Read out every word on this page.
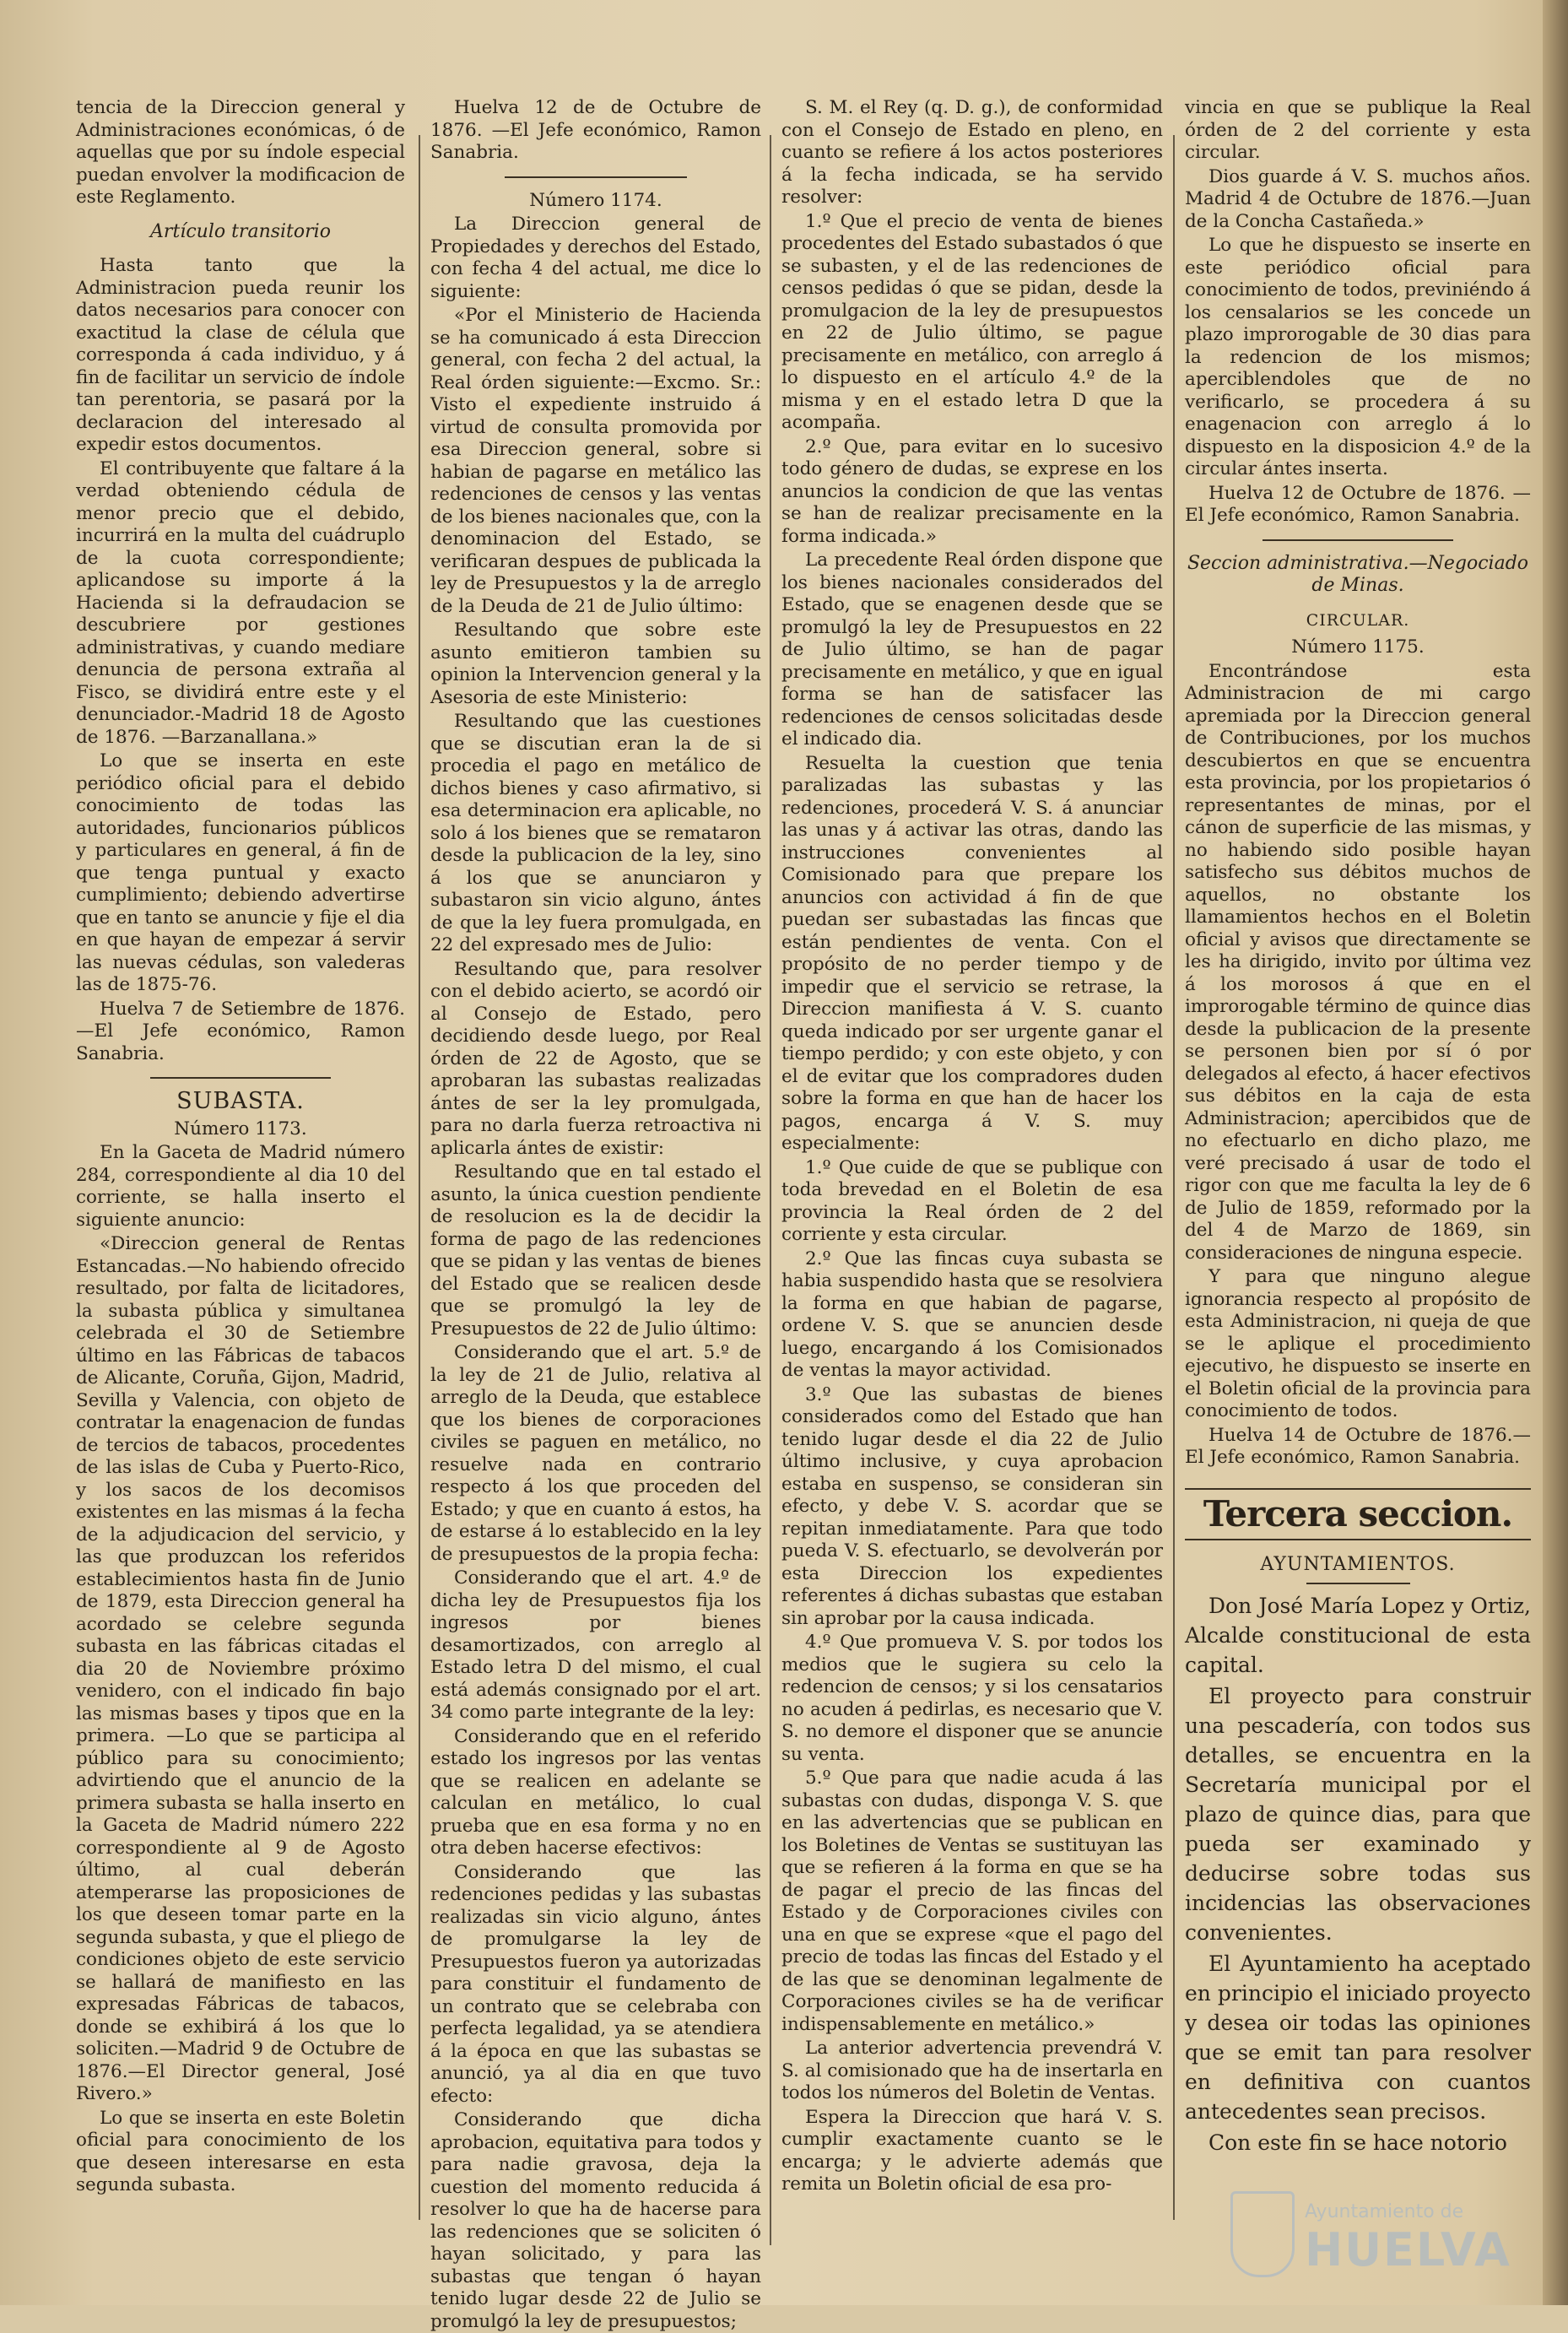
tencia de la Direccion general y Administraciones económicas, ó de aquellas que por su índole especial puedan envolver la modificacion de este Reglamento.

Artículo transitorio

Hasta tanto que la Administracion pueda reunir los datos necesarios para conocer con exactitud la clase de célula que corresponda á cada individuo, y á fin de facilitar un servicio de índole tan perentoria, se pasará por la declaracion del interesado al expedir estos documentos.

El contribuyente que faltare á la verdad obteniendo cédula de menor precio que el debido, incurrirá en la multa del cuádruplo de la cuota correspondiente; aplicandose su importe á la Hacienda si la defraudacion se descubriere por gestiones administrativas, y cuando mediare denuncia de persona extraña al Fisco, se dividirá entre este y el denunciador.-Madrid 18 de Agosto de 1876. —Barzanallana.»

Lo que se inserta en este periódico oficial para el debido conocimiento de todas las autoridades, funcionarios públicos y particulares en general, á fin de que tenga puntual y exacto cumplimiento; debiendo advertirse que en tanto se anuncie y fije el dia en que hayan de empezar á servir las nuevas cédulas, son valederas las de 1875-76.

Huelva 7 de Setiembre de 1876. —El Jefe económico, Ramon Sanabria.

SUBASTA.

Número 1173.

En la Gaceta de Madrid número 284, correspondiente al dia 10 del corriente, se halla inserto el siguiente anuncio:

«Direccion general de Rentas Estancadas.—No habiendo ofrecido resultado, por falta de licitadores, la subasta pública y simultanea celebrada el 30 de Setiembre último en las Fábricas de tabacos de Alicante, Coruña, Gijon, Madrid, Sevilla y Valencia, con objeto de contratar la enagenacion de fundas de tercios de tabacos, procedentes de las islas de Cuba y Puerto-Rico, y los sacos de los decomisos existentes en las mismas á la fecha de la adjudicacion del servicio, y las que produzcan los referidos establecimientos hasta fin de Junio de 1879, esta Direccion general ha acordado se celebre segunda subasta en las fábricas citadas el dia 20 de Noviembre próximo venidero, con el indicado fin bajo las mismas bases y tipos que en la primera. —Lo que se participa al público para su conocimiento; advirtiendo que el anuncio de la primera subasta se halla inserto en la Gaceta de Madrid número 222 correspondiente al 9 de Agosto último, al cual deberán atemperarse las proposiciones de los que deseen tomar parte en la segunda subasta, y que el pliego de condiciones objeto de este servicio se hallará de manifiesto en las expresadas Fábricas de tabacos, donde se exhibirá á los que lo soliciten.—Madrid 9 de Octubre de 1876.—El Director general, José Rivero.»

Lo que se inserta en este Boletin oficial para conocimiento de los que deseen interesarse en esta segunda subasta.

Huelva 12 de de Octubre de 1876. —El Jefe económico, Ramon Sanabria.

Número 1174.

La Direccion general de Propiedades y derechos del Estado, con fecha 4 del actual, me dice lo siguiente:

«Por el Ministerio de Hacienda se ha comunicado á esta Direccion general, con fecha 2 del actual, la Real órden siguiente:—Excmo. Sr.: Visto el expediente instruido á virtud de consulta promovida por esa Direccion general, sobre si habian de pagarse en metálico las redenciones de censos y las ventas de los bienes nacionales que, con la denominacion del Estado, se verificaran despues de publicada la ley de Presupuestos y la de arreglo de la Deuda de 21 de Julio último:

Resultando que sobre este asunto emitieron tambien su opinion la Intervencion general y la Asesoria de este Ministerio:

Resultando que las cuestiones que se discutian eran la de si procedia el pago en metálico de dichos bienes y caso afirmativo, si esa determinacion era aplicable, no solo á los bienes que se remataron desde la publicacion de la ley, sino á los que se anunciaron y subastaron sin vicio alguno, ántes de que la ley fuera promulgada, en 22 del expresado mes de Julio:

Resultando que, para resolver con el debido acierto, se acordó oir al Consejo de Estado, pero decidiendo desde luego, por Real órden de 22 de Agosto, que se aprobaran las subastas realizadas ántes de ser la ley promulgada, para no darla fuerza retroactiva ni aplicarla ántes de existir:

Resultando que en tal estado el asunto, la única cuestion pendiente de resolucion es la de decidir la forma de pago de las redenciones que se pidan y las ventas de bienes del Estado que se realicen desde que se promulgó la ley de Presupuestos de 22 de Julio último:

Considerando que el art. 5.º de la ley de 21 de Julio, relativa al arreglo de la Deuda, que establece que los bienes de corporaciones civiles se paguen en metálico, no resuelve nada en contrario respecto á los que proceden del Estado; y que en cuanto á estos, ha de estarse á lo establecido en la ley de presupuestos de la propia fecha:

Considerando que el art. 4.º de dicha ley de Presupuestos fija los ingresos por bienes desamortizados, con arreglo al Estado letra D del mismo, el cual está además consignado por el art. 34 como parte integrante de la ley:

Considerando que en el referido estado los ingresos por las ventas que se realicen en adelante se calculan en metálico, lo cual prueba que en esa forma y no en otra deben hacerse efectivos:

Considerando que las redenciones pedidas y las subastas realizadas sin vicio alguno, ántes de promulgarse la ley de Presupuestos fueron ya autorizadas para constituir el fundamento de un contrato que se celebraba con perfecta legalidad, ya se atendiera á la época en que las subastas se anunció, ya al dia en que tuvo efecto:

Considerando que dicha aprobacion, equitativa para todos y para nadie gravosa, deja la cuestion del momento reducida á resolver lo que ha de hacerse para las redenciones que se soliciten ó hayan solicitado, y para las subastas que tengan ó hayan tenido lugar desde 22 de Julio se promulgó la ley de presupuestos;

S. M. el Rey (q. D. g.), de conformidad con el Consejo de Estado en pleno, en cuanto se refiere á los actos posteriores á la fecha indicada, se ha servido resolver:

1.º Que el precio de venta de bienes procedentes del Estado subastados ó que se subasten, y el de las redenciones de censos pedidas ó que se pidan, desde la promulgacion de la ley de presupuestos en 22 de Julio último, se pague precisamente en metálico, con arreglo á lo dispuesto en el artículo 4.º de la misma y en el estado letra D que la acompaña.

2.º Que, para evitar en lo sucesivo todo género de dudas, se exprese en los anuncios la condicion de que las ventas se han de realizar precisamente en la forma indicada.»

La precedente Real órden dispone que los bienes nacionales considerados del Estado, que se enagenen desde que se promulgó la ley de Presupuestos en 22 de Julio último, se han de pagar precisamente en metálico, y que en igual forma se han de satisfacer las redenciones de censos solicitadas desde el indicado dia.

Resuelta la cuestion que tenia paralizadas las subastas y las redenciones, procederá V. S. á anunciar las unas y á activar las otras, dando las instrucciones convenientes al Comisionado para que prepare los anuncios con actividad á fin de que puedan ser subastadas las fincas que están pendientes de venta. Con el propósito de no perder tiempo y de impedir que el servicio se retrase, la Direccion manifiesta á V. S. cuanto queda indicado por ser urgente ganar el tiempo perdido; y con este objeto, y con el de evitar que los compradores duden sobre la forma en que han de hacer los pagos, encarga á V. S. muy especialmente:

1.º Que cuide de que se publique con toda brevedad en el Boletin de esa provincia la Real órden de 2 del corriente y esta circular.

2.º Que las fincas cuya subasta se habia suspendido hasta que se resolviera la forma en que habian de pagarse, ordene V. S. que se anuncien desde luego, encargando á los Comisionados de ventas la mayor actividad.

3.º Que las subastas de bienes considerados como del Estado que han tenido lugar desde el dia 22 de Julio último inclusive, y cuya aprobacion estaba en suspenso, se consideran sin efecto, y debe V. S. acordar que se repitan inmediatamente. Para que todo pueda V. S. efectuarlo, se devolverán por esta Direccion los expedientes referentes á dichas subastas que estaban sin aprobar por la causa indicada.

4.º Que promueva V. S. por todos los medios que le sugiera su celo la redencion de censos; y si los censatarios no acuden á pedirlas, es necesario que V. S. no demore el disponer que se anuncie su venta.

5.º Que para que nadie acuda á las subastas con dudas, disponga V. S. que en las advertencias que se publican en los Boletines de Ventas se sustituyan las que se refieren á la forma en que se ha de pagar el precio de las fincas del Estado y de Corporaciones civiles con una en que se exprese «que el pago del precio de todas las fincas del Estado y el de las que se denominan legalmente de Corporaciones civiles se ha de verificar indispensablemente en metálico.»

La anterior advertencia prevendrá V. S. al comisionado que ha de insertarla en todos los números del Boletin de Ventas.

Espera la Direccion que hará V. S. cumplir exactamente cuanto se le encarga; y le advierte además que remita un Boletin oficial de esa pro-

vincia en que se publique la Real órden de 2 del corriente y esta circular.

Dios guarde á V. S. muchos años. Madrid 4 de Octubre de 1876.—Juan de la Concha Castañeda.»

Lo que he dispuesto se inserte en este periódico oficial para conocimiento de todos, previniéndo á los censalarios se les concede un plazo improrogable de 30 dias para la redencion de los mismos; aperciblendoles que de no verificarlo, se procedera á su enagenacion con arreglo á lo dispuesto en la disposicion 4.º de la circular ántes inserta.

Huelva 12 de Octubre de 1876. —El Jefe económico, Ramon Sanabria.

Seccion administrativa.—Negociado de Minas.

CIRCULAR.

Número 1175.

Encontrándose esta Administracion de mi cargo apremiada por la Direccion general de Contribuciones, por los muchos descubiertos en que se encuentra esta provincia, por los propietarios ó representantes de minas, por el cánon de superficie de las mismas, y no habiendo sido posible hayan satisfecho sus débitos muchos de aquellos, no obstante los llamamientos hechos en el Boletin oficial y avisos que directamente se les ha dirigido, invito por última vez á los morosos á que en el improrogable término de quince dias desde la publicacion de la presente se personen bien por sí ó por delegados al efecto, á hacer efectivos sus débitos en la caja de esta Administracion; apercibidos que de no efectuarlo en dicho plazo, me veré precisado á usar de todo el rigor con que me faculta la ley de 6 de Julio de 1859, reformado por la del 4 de Marzo de 1869, sin consideraciones de ninguna especie.

Y para que ninguno alegue ignorancia respecto al propósito de esta Administracion, ni queja de que se le aplique el procedimiento ejecutivo, he dispuesto se inserte en el Boletin oficial de la provincia para conocimiento de todos.

Huelva 14 de Octubre de 1876.— El Jefe económico, Ramon Sanabria.

Tercera seccion.

AYUNTAMIENTOS.

Don José María Lopez y Ortiz, Alcalde constitucional de esta capital.

El proyecto para construir una pescadería, con todos sus detalles, se encuentra en la Secretaría municipal por el plazo de quince dias, para que pueda ser examinado y deducirse sobre todas sus incidencias las observaciones convenientes.

El Ayuntamiento ha aceptado en principio el iniciado proyecto y desea oir todas las opiniones que se emit tan para resolver en definitiva con cuantos antecedentes sean precisos.

Con este fin se hace notorio

Ayuntamiento de
HUELVA
